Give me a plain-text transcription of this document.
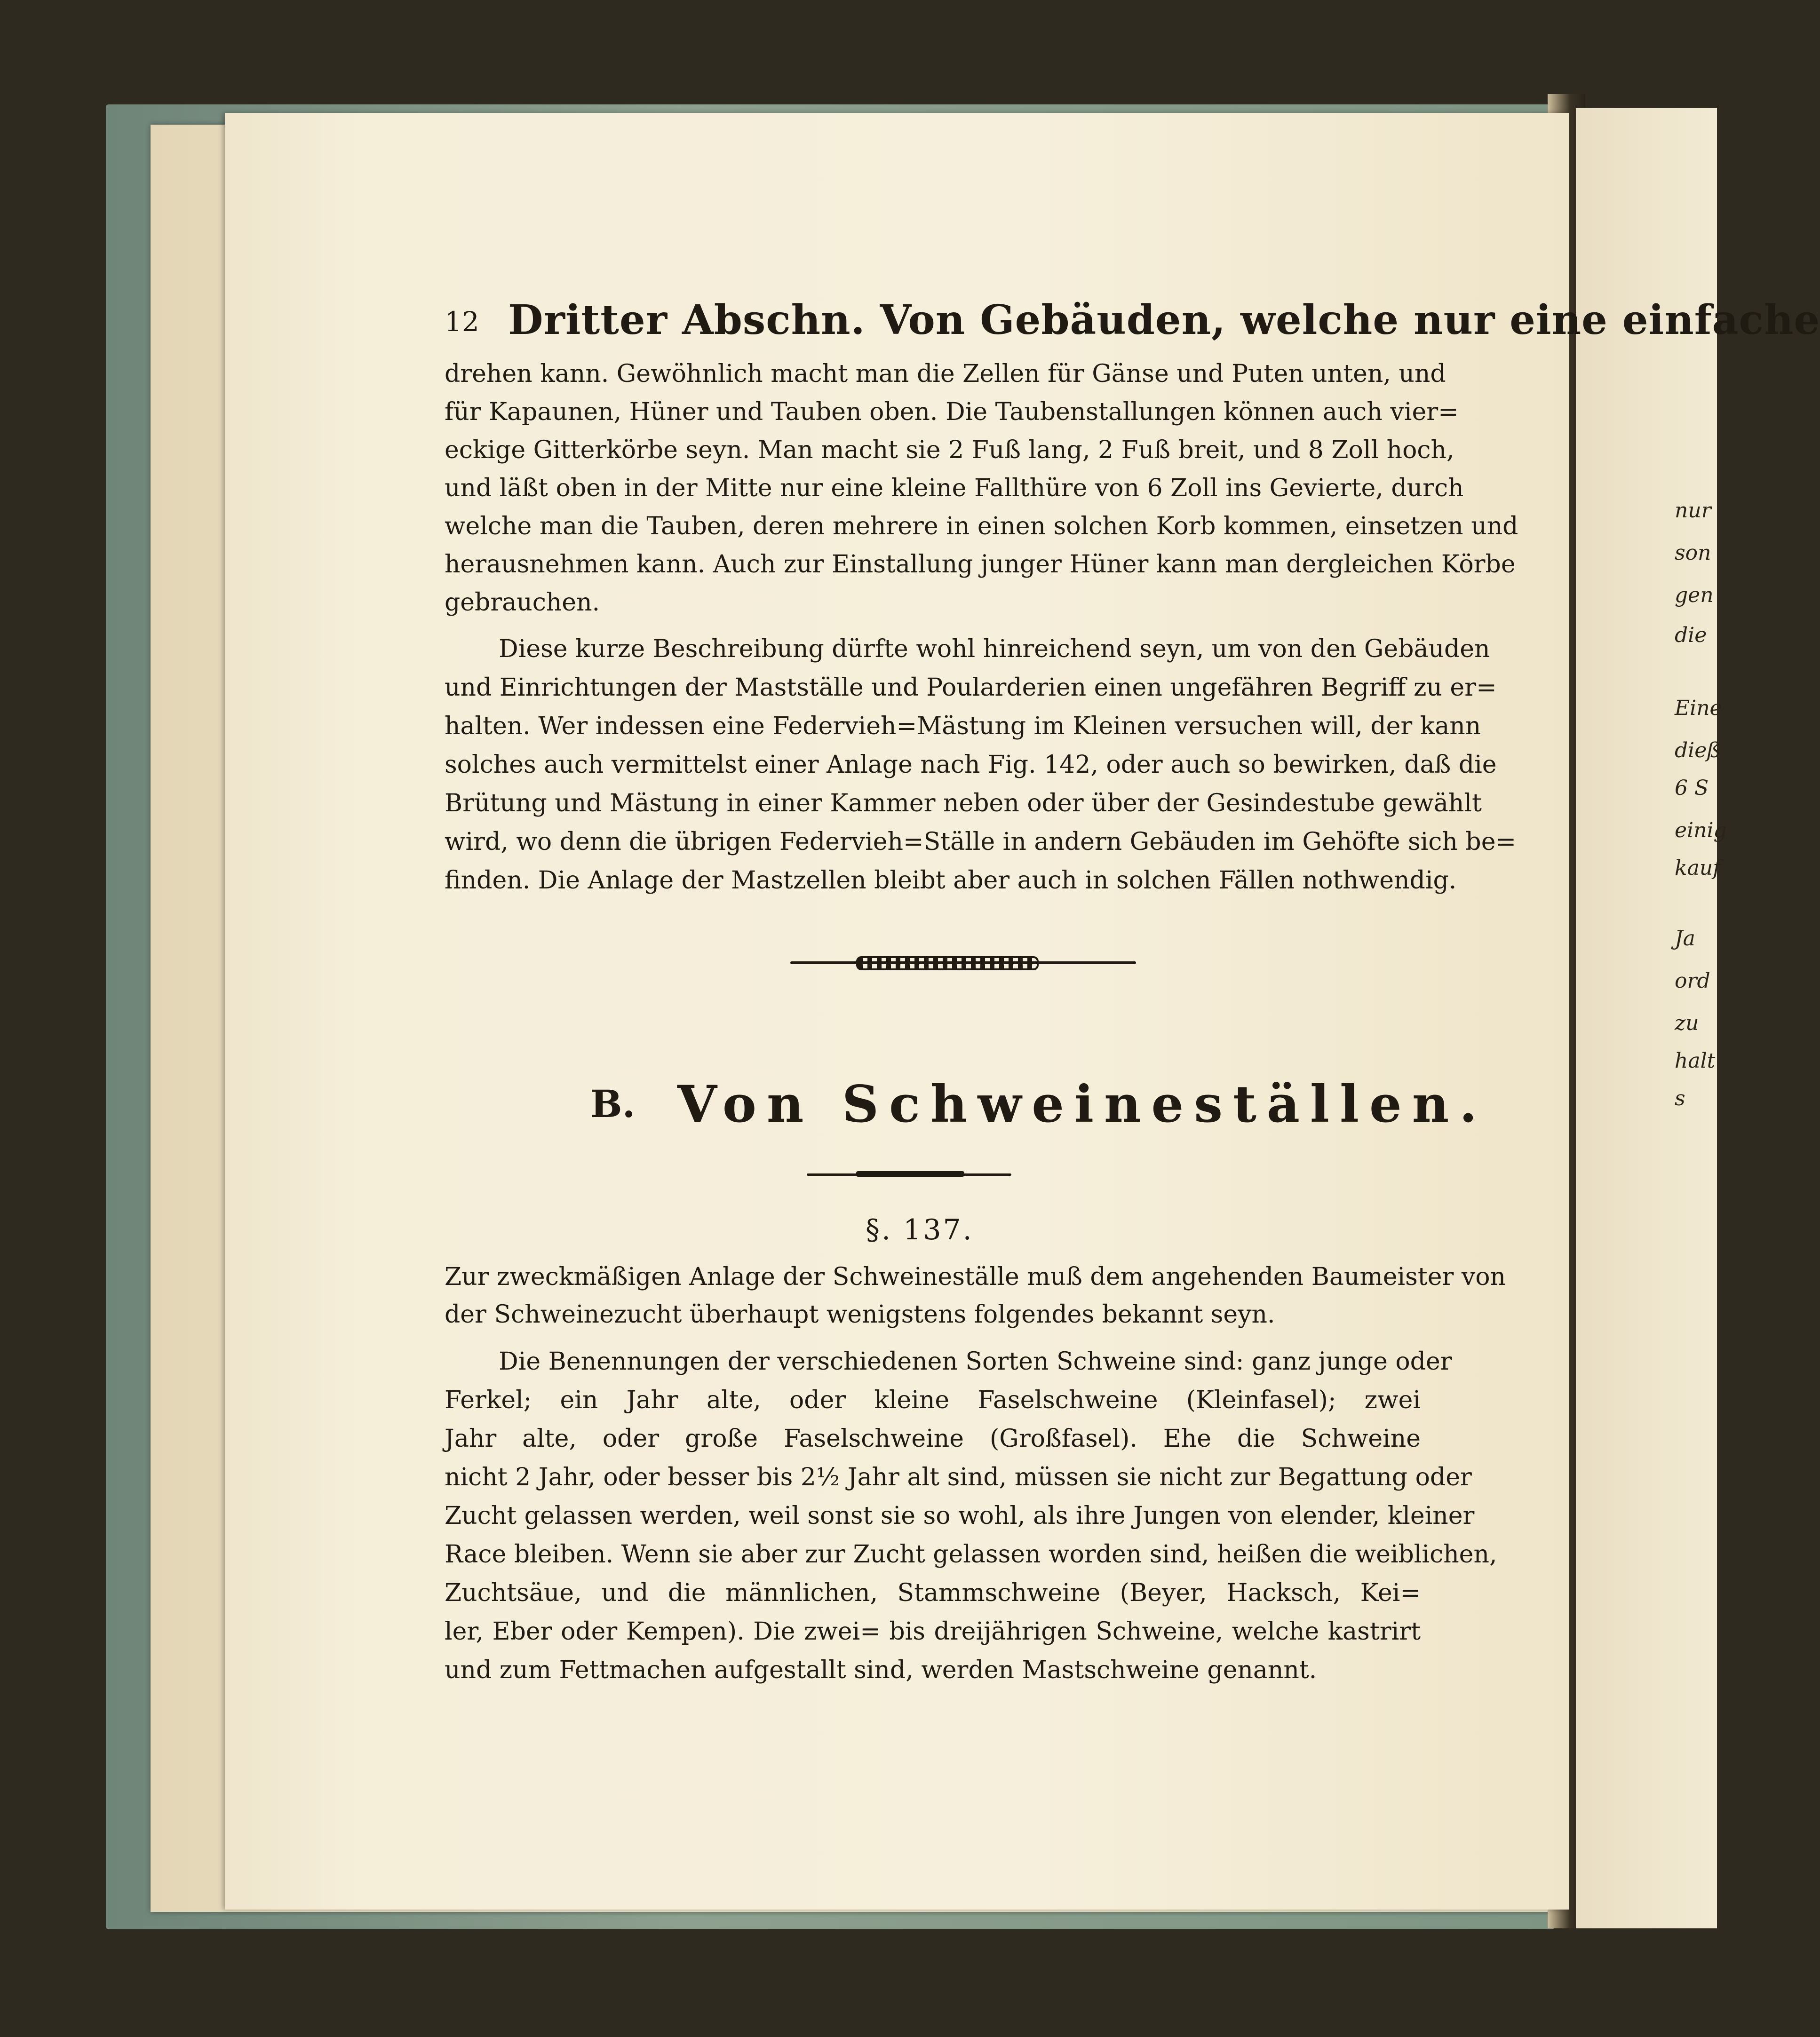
nur
son
gen
die
Eine
dieß
6 S
einig
kauf
Ja
ord
zu
halt
s
12 Dritter Abschn. Von Gebäuden, welche nur eine einfache
drehen kann. Gewöhnlich macht man die Zellen für Gänse und Puten unten, und
für Kapaunen, Hüner und Tauben oben. Die Taubenstallungen können auch vier=
eckige Gitterkörbe seyn. Man macht sie 2 Fuß lang, 2 Fuß breit, und 8 Zoll hoch,
und läßt oben in der Mitte nur eine kleine Fallthüre von 6 Zoll ins Gevierte, durch
welche man die Tauben, deren mehrere in einen solchen Korb kommen, einsetzen und
herausnehmen kann. Auch zur Einstallung junger Hüner kann man dergleichen Körbe
gebrauchen.
Diese kurze Beschreibung dürfte wohl hinreichend seyn, um von den Gebäuden
und Einrichtungen der Mastställe und Poularderien einen ungefähren Begriff zu er=
halten. Wer indessen eine Federvieh=Mästung im Kleinen versuchen will, der kann
solches auch vermittelst einer Anlage nach Fig. 142, oder auch so bewirken, daß die
Brütung und Mästung in einer Kammer neben oder über der Gesindestube gewählt
wird, wo denn die übrigen Federvieh=Ställe in andern Gebäuden im Gehöfte sich be=
finden. Die Anlage der Mastzellen bleibt aber auch in solchen Fällen nothwendig.
B. Von Schweineställen.
§. 137.
Zur zweckmäßigen Anlage der Schweineställe muß dem angehenden Baumeister von
der Schweinezucht überhaupt wenigstens folgendes bekannt seyn.
Die Benennungen der verschiedenen Sorten Schweine sind: ganz junge oder
Ferkel; ein Jahr alte, oder kleine Faselschweine (Kleinfasel); zwei
Jahr alte, oder große Faselschweine (Großfasel). Ehe die Schweine
nicht 2 Jahr, oder besser bis 2½ Jahr alt sind, müssen sie nicht zur Begattung oder
Zucht gelassen werden, weil sonst sie so wohl, als ihre Jungen von elender, kleiner
Race bleiben. Wenn sie aber zur Zucht gelassen worden sind, heißen die weiblichen,
Zuchtsäue, und die männlichen, Stammschweine (Beyer, Hacksch, Kei=
ler, Eber oder Kempen). Die zwei= bis dreijährigen Schweine, welche kastrirt
und zum Fettmachen aufgestallt sind, werden Mastschweine genannt.
